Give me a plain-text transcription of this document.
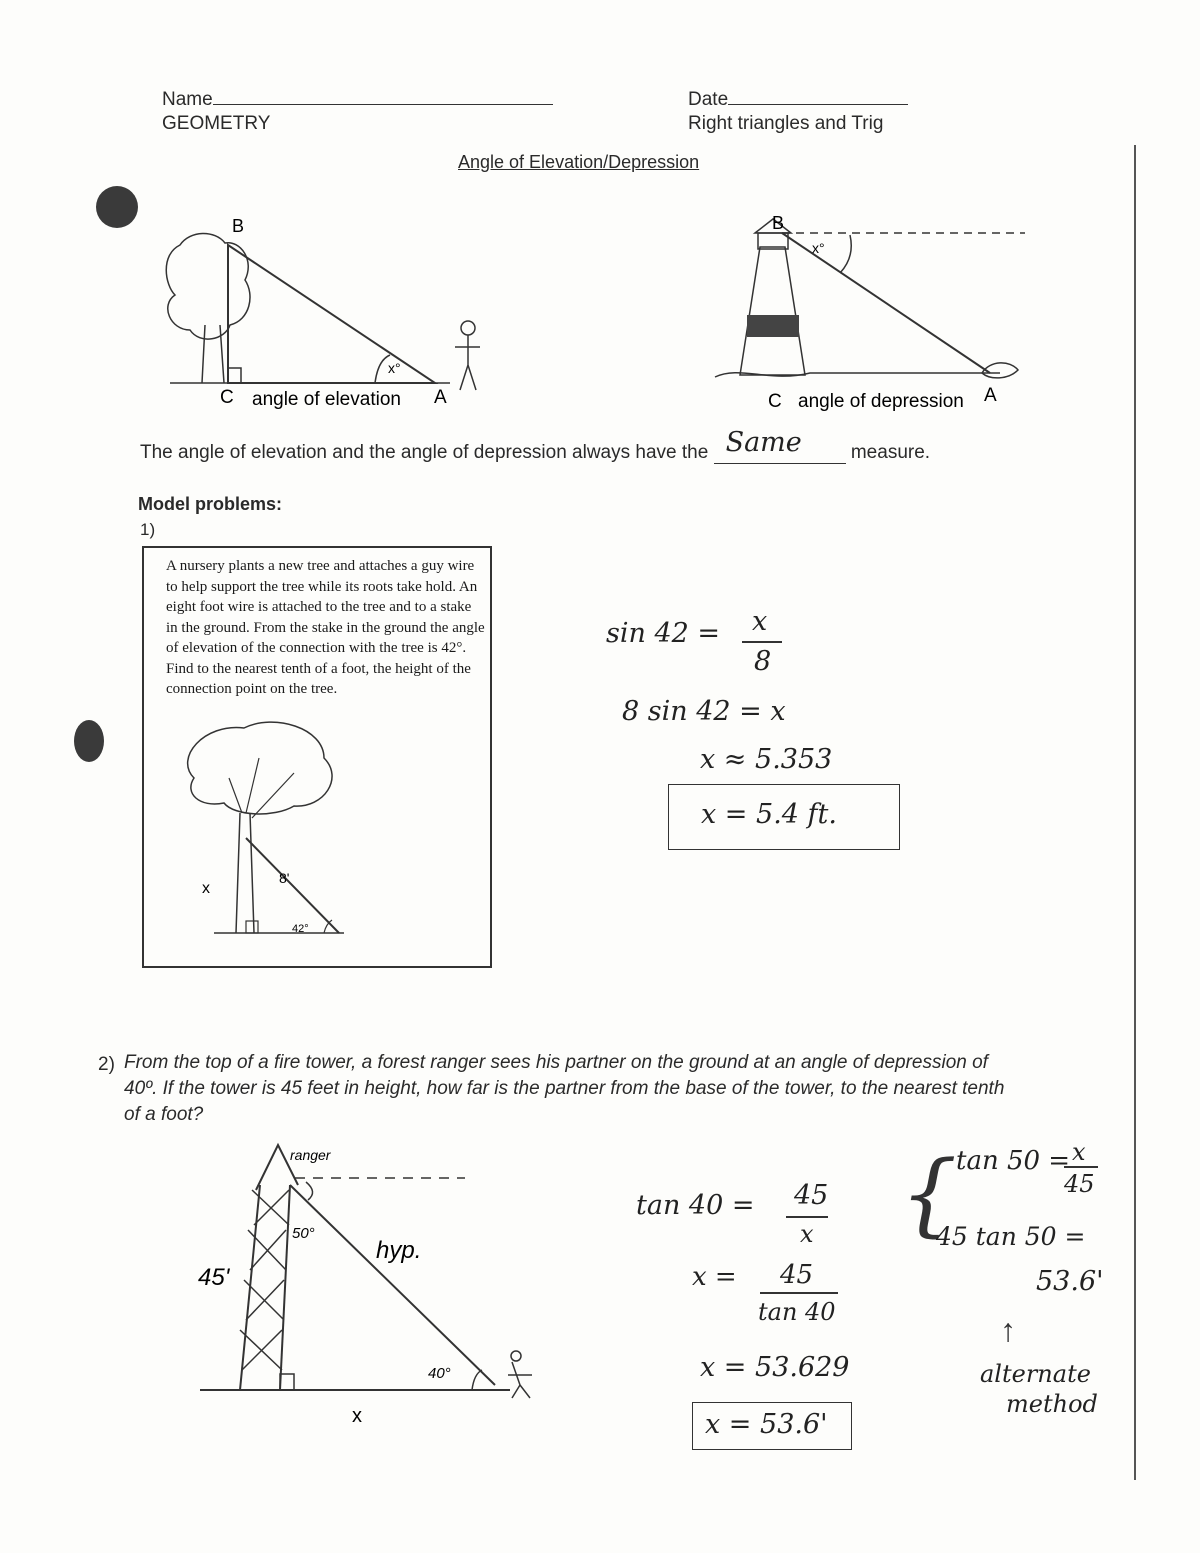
Name
GEOMETRY
Date
Right triangles and Trig
Angle of Elevation/Depression
B
x°
C angle of elevation A
B
x°
C angle of depression A
The angle of elevation and the angle of depression always have the Same	measure.
Model problems:
1)
A nursery plants a new tree and attaches a guy wire to help support the tree while its roots take hold. An eight foot wire is attached to the tree and to a stake in the ground. From the stake in the ground the angle of elevation of the connection with the tree is 42°. Find to the nearest tenth of a foot, the height of the connection point on the tree.
x
8'
42°
sin 42 = x
8
8 sin 42 = x
x ≈ 5.353
x = 5.4 ft.
2) From the top of a fire tower, a forest ranger sees his partner on the ground at an angle of depression of 40º. If the tower is 45 feet in height, how far is the partner from the base of the tower, to the nearest tenth of a foot?
ranger
45'
50°
hyp.
40°
x
tan 40 = 45
x
x = 45
tan 40
x = 53.629
x = 53.6'
{
tan 50 = x
45
45 tan 50 =
53.6'
↑
alternate
method
